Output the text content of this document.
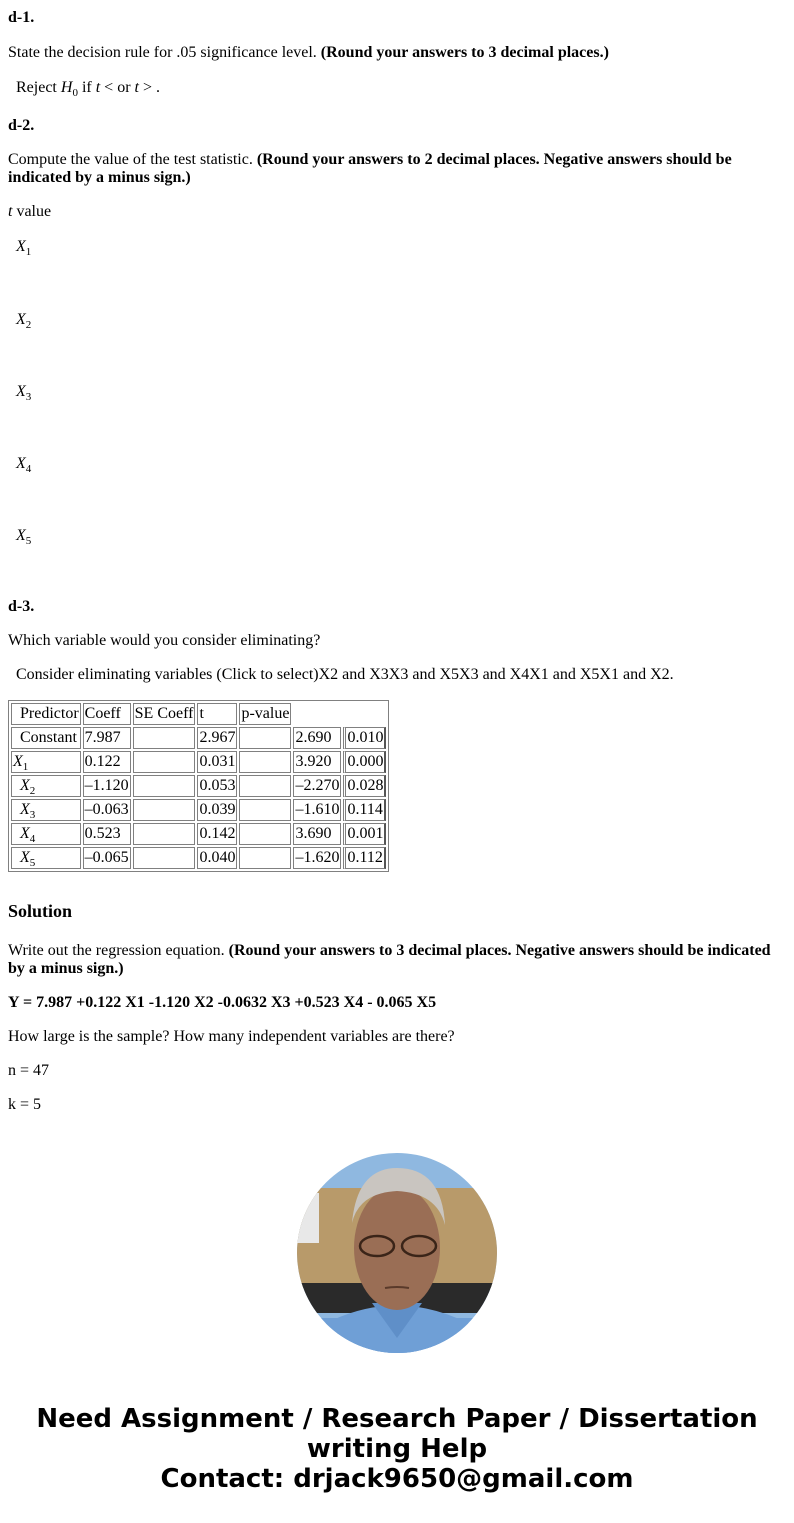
d-1.

State the decision rule for .05 significance level. (Round your answers to 3 decimal places.)

Reject $H_0$ if t < or t > .

d-2.

Compute the value of the test statistic. (Round your answers to 2 decimal places. Negative answers should be indicated by a minus sign.)

t value

$X_1$

$X_2$

$X_3$

$X_4$

$X_5$

d-3.

Which variable would you consider eliminating?

Consider eliminating variables (Click to select)X2 and X3X3 and X5X3 and X4X1 and X5X1 and X2.

Predictor	Coeff	SE Coeff	t	p-value		
Constant	7.987		2.967		2.690	0.010
$X_1$	0.122		0.031		3.920	0.000
$X_2$	–1.120		0.053		–2.270	0.028
$X_3$	–0.063		0.039		–1.610	0.114
$X_4$	0.523		0.142		3.690	0.001
$X_5$	–0.065		0.040		–1.620	0.112
Solution

Write out the regression equation. (Round your answers to 3 decimal places. Negative answers should be indicated by a minus sign.)

Y = 7.987 +0.122 X1 -1.120 X2 -0.0632 X3 +0.523 X4 - 0.065 X5

How large is the sample? How many independent variables are there?

n = 47

k = 5

Need Assignment / Research Paper / Dissertation
writing Help
Contact: drjack9650@gmail.com
